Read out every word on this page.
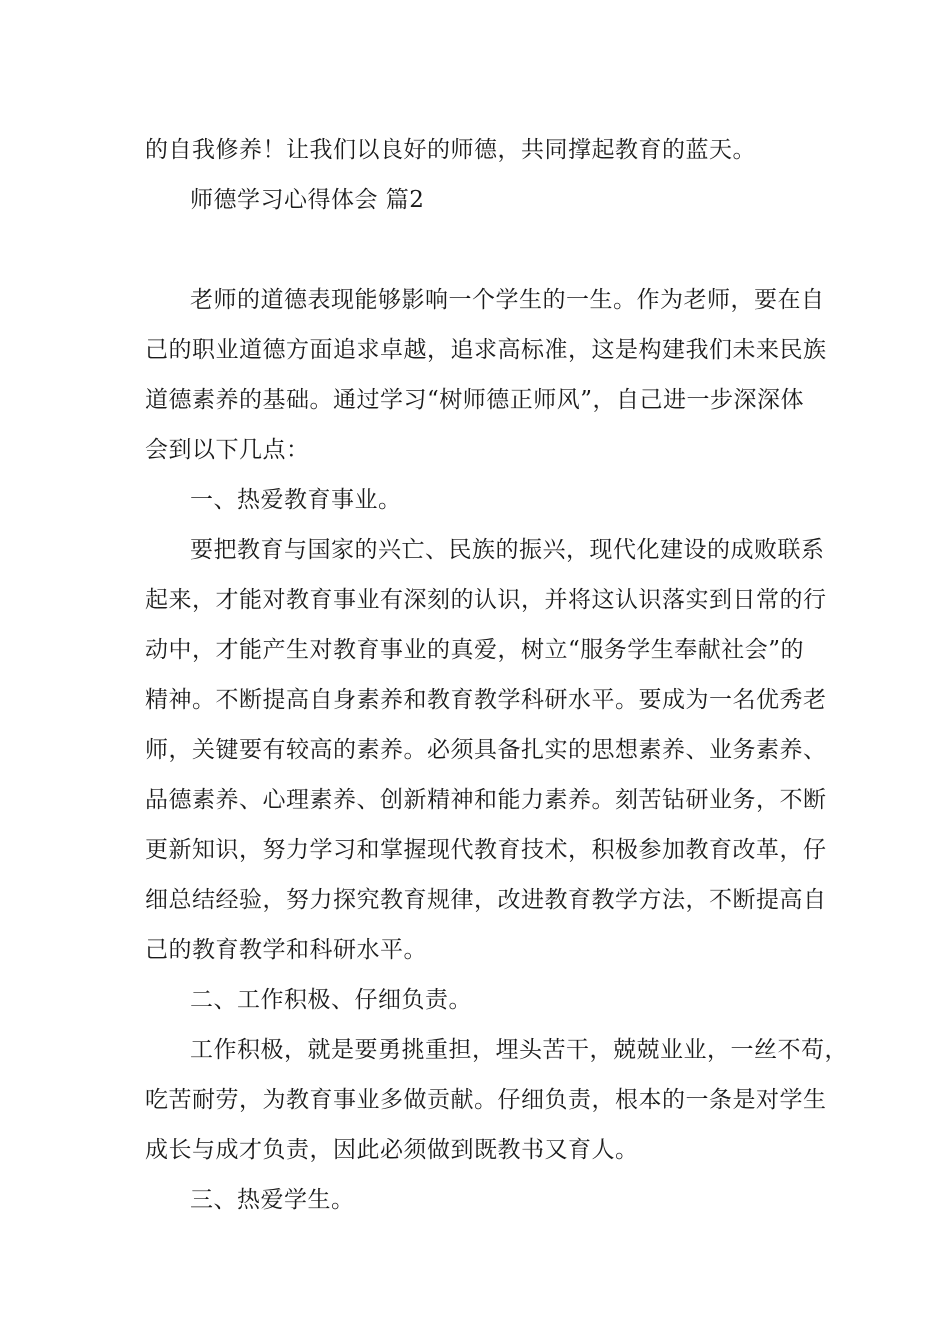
的自我修养！让我们以良好的师德，共同撑起教育的蓝天。
师德学习心得体会 篇2
老师的道德表现能够影响一个学生的一生。作为老师，要在自
己的职业道德方面追求卓越，追求高标准，这是构建我们未来民族
道德素养的基础。通过学习“树师德正师风”，自己进一步深深体
会到以下几点：
一、热爱教育事业。
要把教育与国家的兴亡、民族的振兴，现代化建设的成败联系
起来，才能对教育事业有深刻的认识，并将这认识落实到日常的行
动中，才能产生对教育事业的真爱，树立“服务学生奉献社会”的
精神。不断提高自身素养和教育教学科研水平。要成为一名优秀老
师，关键要有较高的素养。必须具备扎实的思想素养、业务素养、
品德素养、心理素养、创新精神和能力素养。刻苦钻研业务，不断
更新知识，努力学习和掌握现代教育技术，积极参加教育改革，仔
细总结经验，努力探究教育规律，改进教育教学方法，不断提高自
己的教育教学和科研水平。
二、工作积极、仔细负责。
工作积极，就是要勇挑重担，埋头苦干，兢兢业业，一丝不苟，
吃苦耐劳，为教育事业多做贡献。仔细负责，根本的一条是对学生
成长与成才负责，因此必须做到既教书又育人。
三、热爱学生。
